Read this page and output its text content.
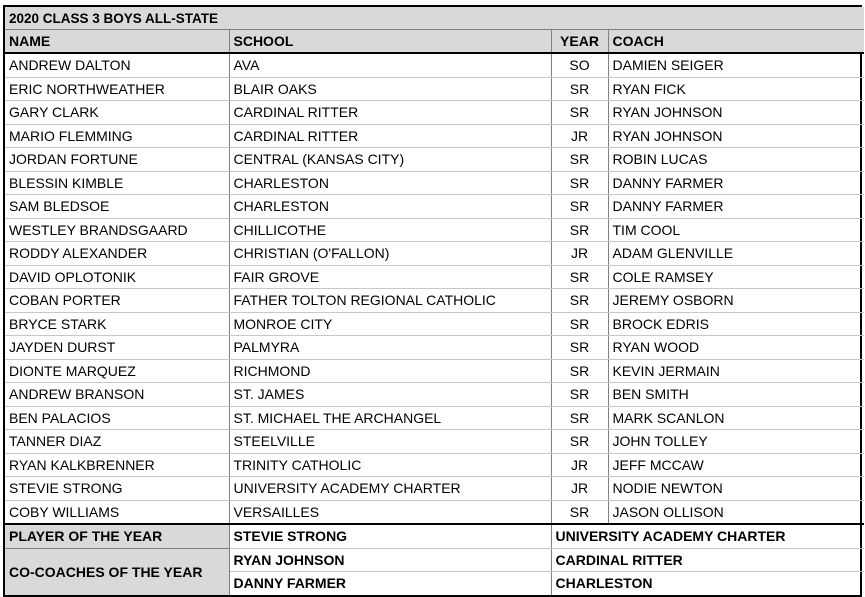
2020 CLASS 3 BOYS ALL-STATE			
NAME	SCHOOL	YEAR	COACH
ANDREW DALTON	AVA	SO	DAMIEN SEIGER
ERIC NORTHWEATHER	BLAIR OAKS	SR	RYAN FICK
GARY CLARK	CARDINAL RITTER	SR	RYAN JOHNSON
MARIO FLEMMING	CARDINAL RITTER	JR	RYAN JOHNSON
JORDAN FORTUNE	CENTRAL (KANSAS CITY)	SR	ROBIN LUCAS
BLESSIN KIMBLE	CHARLESTON	SR	DANNY FARMER
SAM BLEDSOE	CHARLESTON	SR	DANNY FARMER
WESTLEY BRANDSGAARD	CHILLICOTHE	SR	TIM COOL
RODDY ALEXANDER	CHRISTIAN (O'FALLON)	JR	ADAM GLENVILLE
DAVID OPLOTONIK	FAIR GROVE	SR	COLE RAMSEY
COBAN PORTER	FATHER TOLTON REGIONAL CATHOLIC	SR	JEREMY OSBORN
BRYCE STARK	MONROE CITY	SR	BROCK EDRIS
JAYDEN DURST	PALMYRA	SR	RYAN WOOD
DIONTE MARQUEZ	RICHMOND	SR	KEVIN JERMAIN
ANDREW BRANSON	ST. JAMES	SR	BEN SMITH
BEN PALACIOS	ST. MICHAEL THE ARCHANGEL	SR	MARK SCANLON
TANNER DIAZ	STEELVILLE	SR	JOHN TOLLEY
RYAN KALKBRENNER	TRINITY CATHOLIC	JR	JEFF MCCAW
STEVIE STRONG	UNIVERSITY ACADEMY CHARTER	JR	NODIE NEWTON
COBY WILLIAMS	VERSAILLES	SR	JASON OLLISON
PLAYER OF THE YEAR	STEVIE STRONG	UNIVERSITY ACADEMY CHARTER	
CO-COACHES OF THE YEAR	RYAN JOHNSON	CARDINAL RITTER	
	DANNY FARMER	CHARLESTON	
